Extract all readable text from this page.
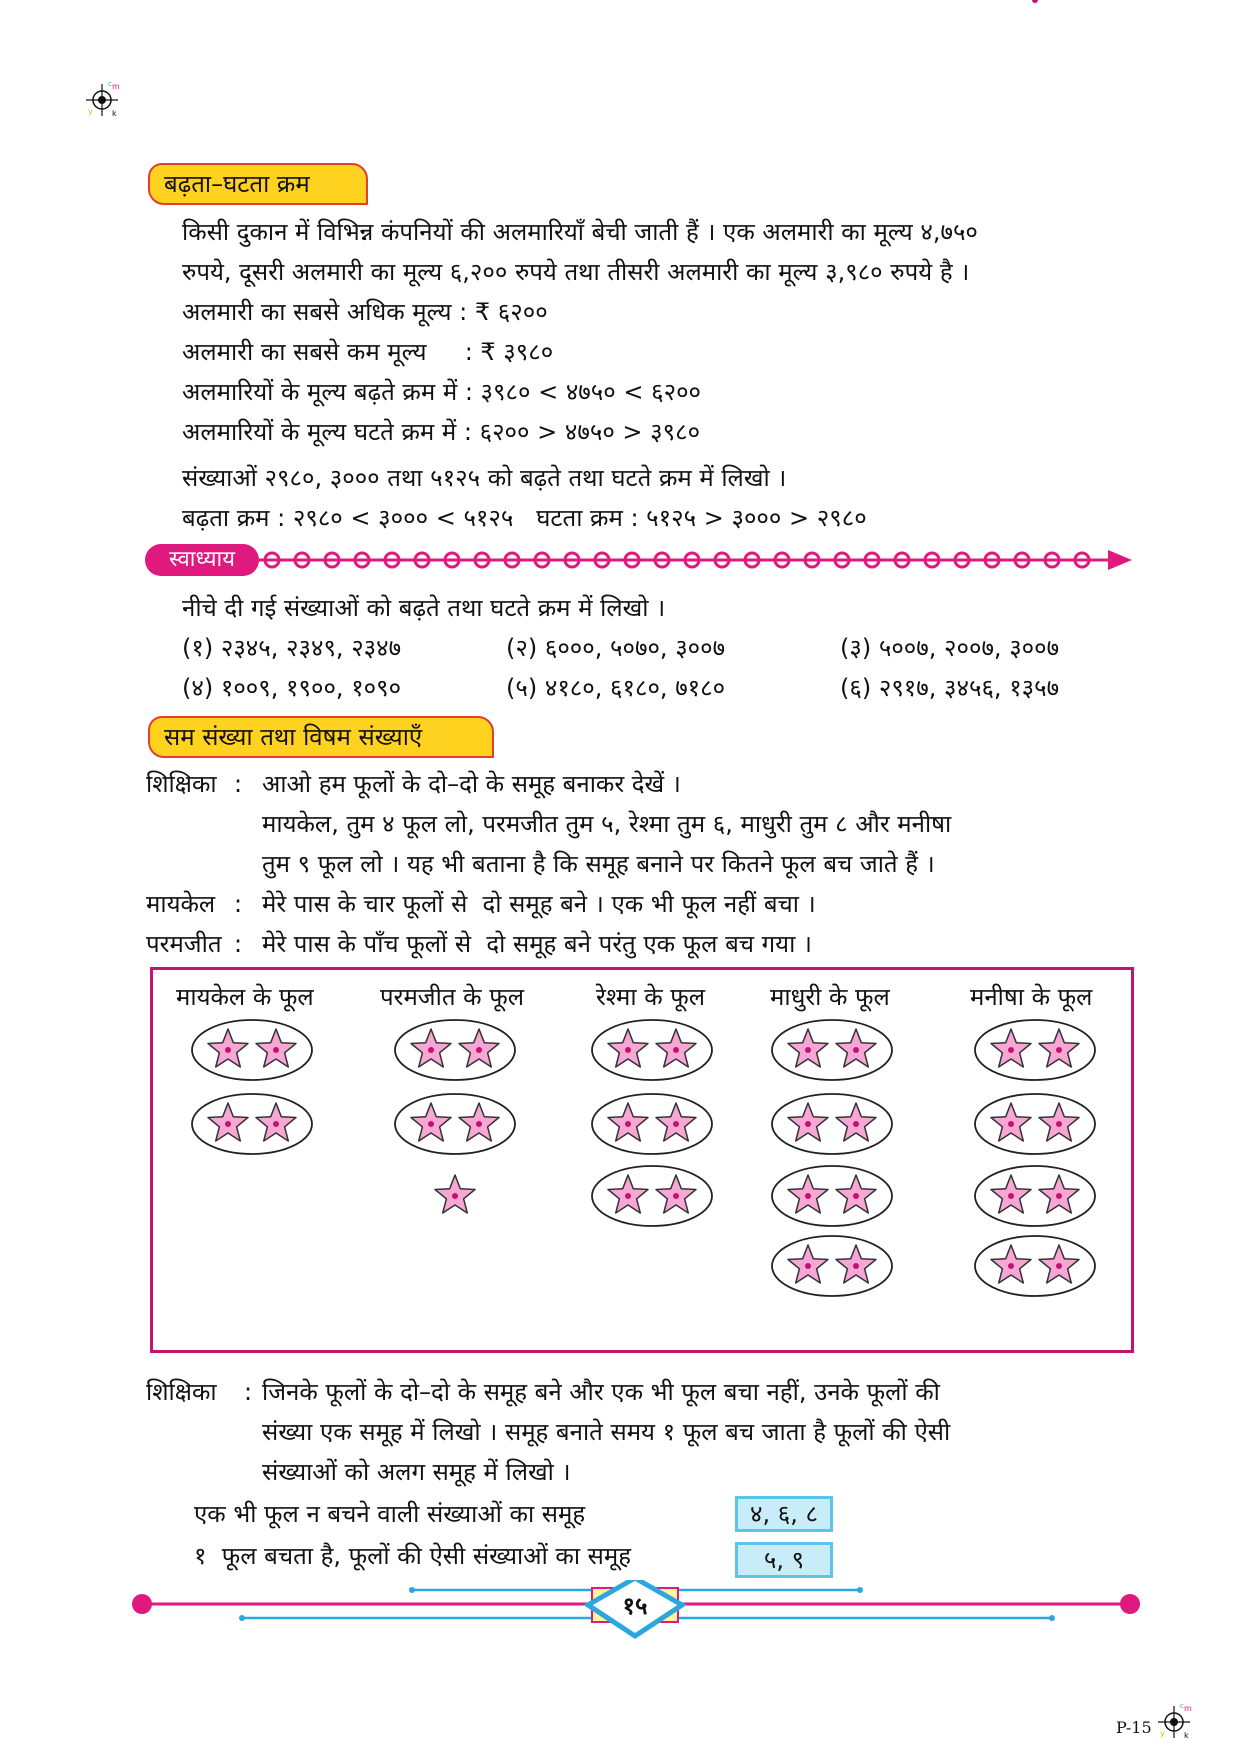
m
y k
c
m
y k
c
बढ़ता–घटता क्रम
किसी दुकान में विभिन्न कंपनियों की अलमारियाँ बेची जाती हैं । एक अलमारी का मूल्य ४,७५०
रुपये, दूसरी अलमारी का मूल्य ६,२०० रुपये तथा तीसरी अलमारी का मूल्य ३,९८० रुपये है ।
अलमारी का सबसे अधिक मूल्य : ₹ ६२००
अलमारी का सबसे कम मूल्य     : ₹ ३९८०
अलमारियों के मूल्य बढ़ते क्रम में : ३९८० < ४७५० < ६२००
अलमारियों के मूल्य घटते क्रम में : ६२०० > ४७५० > ३९८०
संख्याओं २९८०, ३००० तथा ५१२५ को बढ़ते तथा घटते क्रम में लिखो ।
बढ़ता क्रम : २९८० < ३००० < ५१२५   घटता क्रम : ५१२५ > ३००० > २९८०
स्वाध्याय
नीचे दी गई संख्याओं को बढ़ते तथा घटते क्रम में लिखो ।
(१) २३४५, २३४९, २३४७	(२) ६०००, ५०७०, ३००७	(३) ५००७, २००७, ३००७
(४) १००९, १९००, १०९०	(५) ४१८०, ६१८०, ७१८०	(६) २९१७, ३४५६, १३५७
सम संख्या तथा विषम संख्याएँ
शिक्षिका : आओ हम फूलों के दो–दो के समूह बनाकर देखें ।
मायकेल, तुम ४ फूल लो, परमजीत तुम ५, रेश्मा तुम ६, माधुरी तुम ८ और मनीषा
तुम ९ फूल लो । यह भी बताना है कि समूह बनाने पर कितने फूल बच जाते हैं ।
मायकेल : मेरे पास के चार फूलों से  दो समूह बने । एक भी फूल नहीं बचा ।
परमजीत : मेरे पास के पाँच फूलों से  दो समूह बने परंतु एक फूल बच गया ।
मायकेल के फूल	परमजीत के फूल	रेश्मा के फूल	माधुरी के फूल	मनीषा के फूल
शिक्षिका : जिनके फूलों के दो–दो के समूह बने और एक भी फूल बचा नहीं, उनके फूलों की
संख्या एक समूह में लिखो । समूह बनाते समय १ फूल बच जाता है फूलों की ऐसी
संख्याओं को अलग समूह में लिखो ।
एक भी फूल न बचने वाली संख्याओं का समूह	४, ६, ८
१  फूल बचता है, फूलों की ऐसी संख्याओं का समूह	५, ९
१५
P-15
